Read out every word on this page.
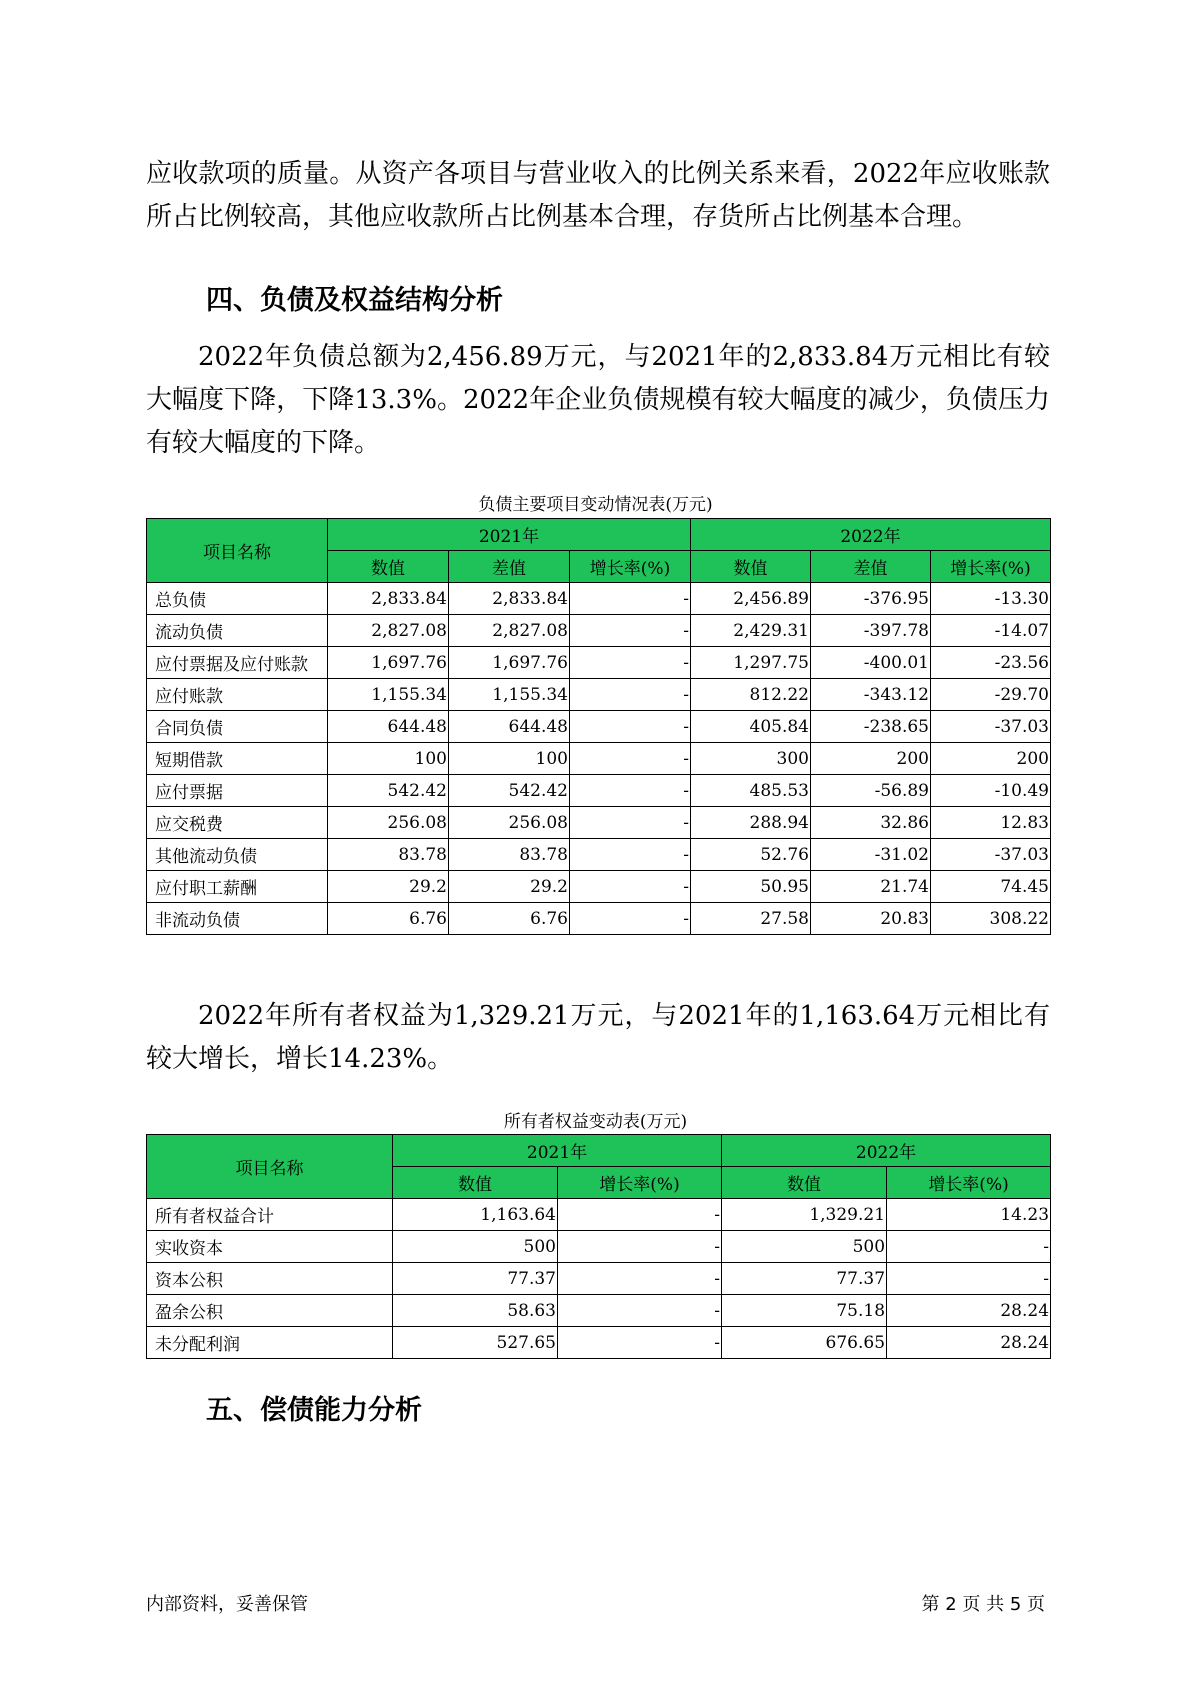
应收款项的质量。从资产各项目与营业收入的比例关系来看，2022年应收账款所占比例较高，其他应收款所占比例基本合理，存货所占比例基本合理。

四、负债及权益结构分析

2022年负债总额为2,456.89万元，与2021年的2,833.84万元相比有较大幅度下降，下降13.3%。2022年企业负债规模有较大幅度的减少，负债压力有较大幅度的下降。

负债主要项目变动情况表(万元)
项目名称	2021年			2022年		
	数值	差值	增长率(%)	数值	差值	增长率(%)
总负债	2,833.84	2,833.84	-	2,456.89	-376.95	-13.30
流动负债	2,827.08	2,827.08	-	2,429.31	-397.78	-14.07
应付票据及应付账款	1,697.76	1,697.76	-	1,297.75	-400.01	-23.56
应付账款	1,155.34	1,155.34	-	812.22	-343.12	-29.70
合同负债	644.48	644.48	-	405.84	-238.65	-37.03
短期借款	100	100	-	300	200	200
应付票据	542.42	542.42	-	485.53	-56.89	-10.49
应交税费	256.08	256.08	-	288.94	32.86	12.83
其他流动负债	83.78	83.78	-	52.76	-31.02	-37.03
应付职工薪酬	29.2	29.2	-	50.95	21.74	74.45
非流动负债	6.76	6.76	-	27.58	20.83	308.22

2022年所有者权益为1,329.21万元，与2021年的1,163.64万元相比有较大增长，增长14.23%。

所有者权益变动表(万元)
项目名称	2021年		2022年	
	数值	增长率(%)	数值	增长率(%)
所有者权益合计	1,163.64	-	1,329.21	14.23
实收资本	500	-	500	-
资本公积	77.37	-	77.37	-
盈余公积	58.63	-	75.18	28.24
未分配利润	527.65	-	676.65	28.24
五、偿债能力分析
内部资料，妥善保管	第 2 页 共 5 页
